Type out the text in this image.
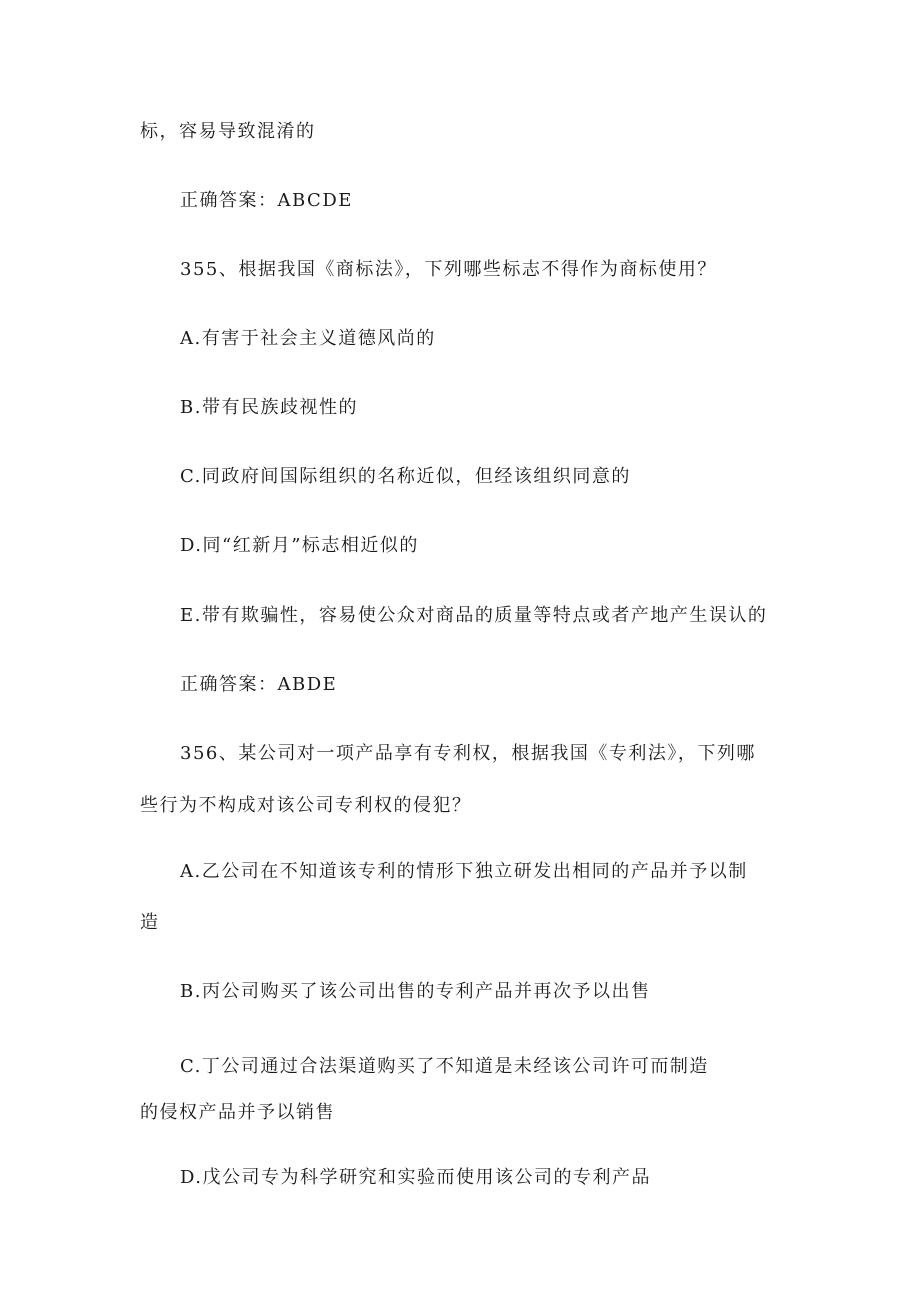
标，容易导致混淆的
正确答案：ABCDE
355、根据我国《商标法》，下列哪些标志不得作为商标使用？
A.有害于社会主义道德风尚的
B.带有民族歧视性的
C.同政府间国际组织的名称近似，但经该组织同意的
D.同“红新月”标志相近似的
E.带有欺骗性，容易使公众对商品的质量等特点或者产地产生误认的
正确答案：ABDE
356、某公司对一项产品享有专利权，根据我国《专利法》，下列哪
些行为不构成对该公司专利权的侵犯？
A.乙公司在不知道该专利的情形下独立研发出相同的产品并予以制
造
B.丙公司购买了该公司出售的专利产品并再次予以出售
C.丁公司通过合法渠道购买了不知道是未经该公司许可而制造
的侵权产品并予以销售
D.戊公司专为科学研究和实验而使用该公司的专利产品
